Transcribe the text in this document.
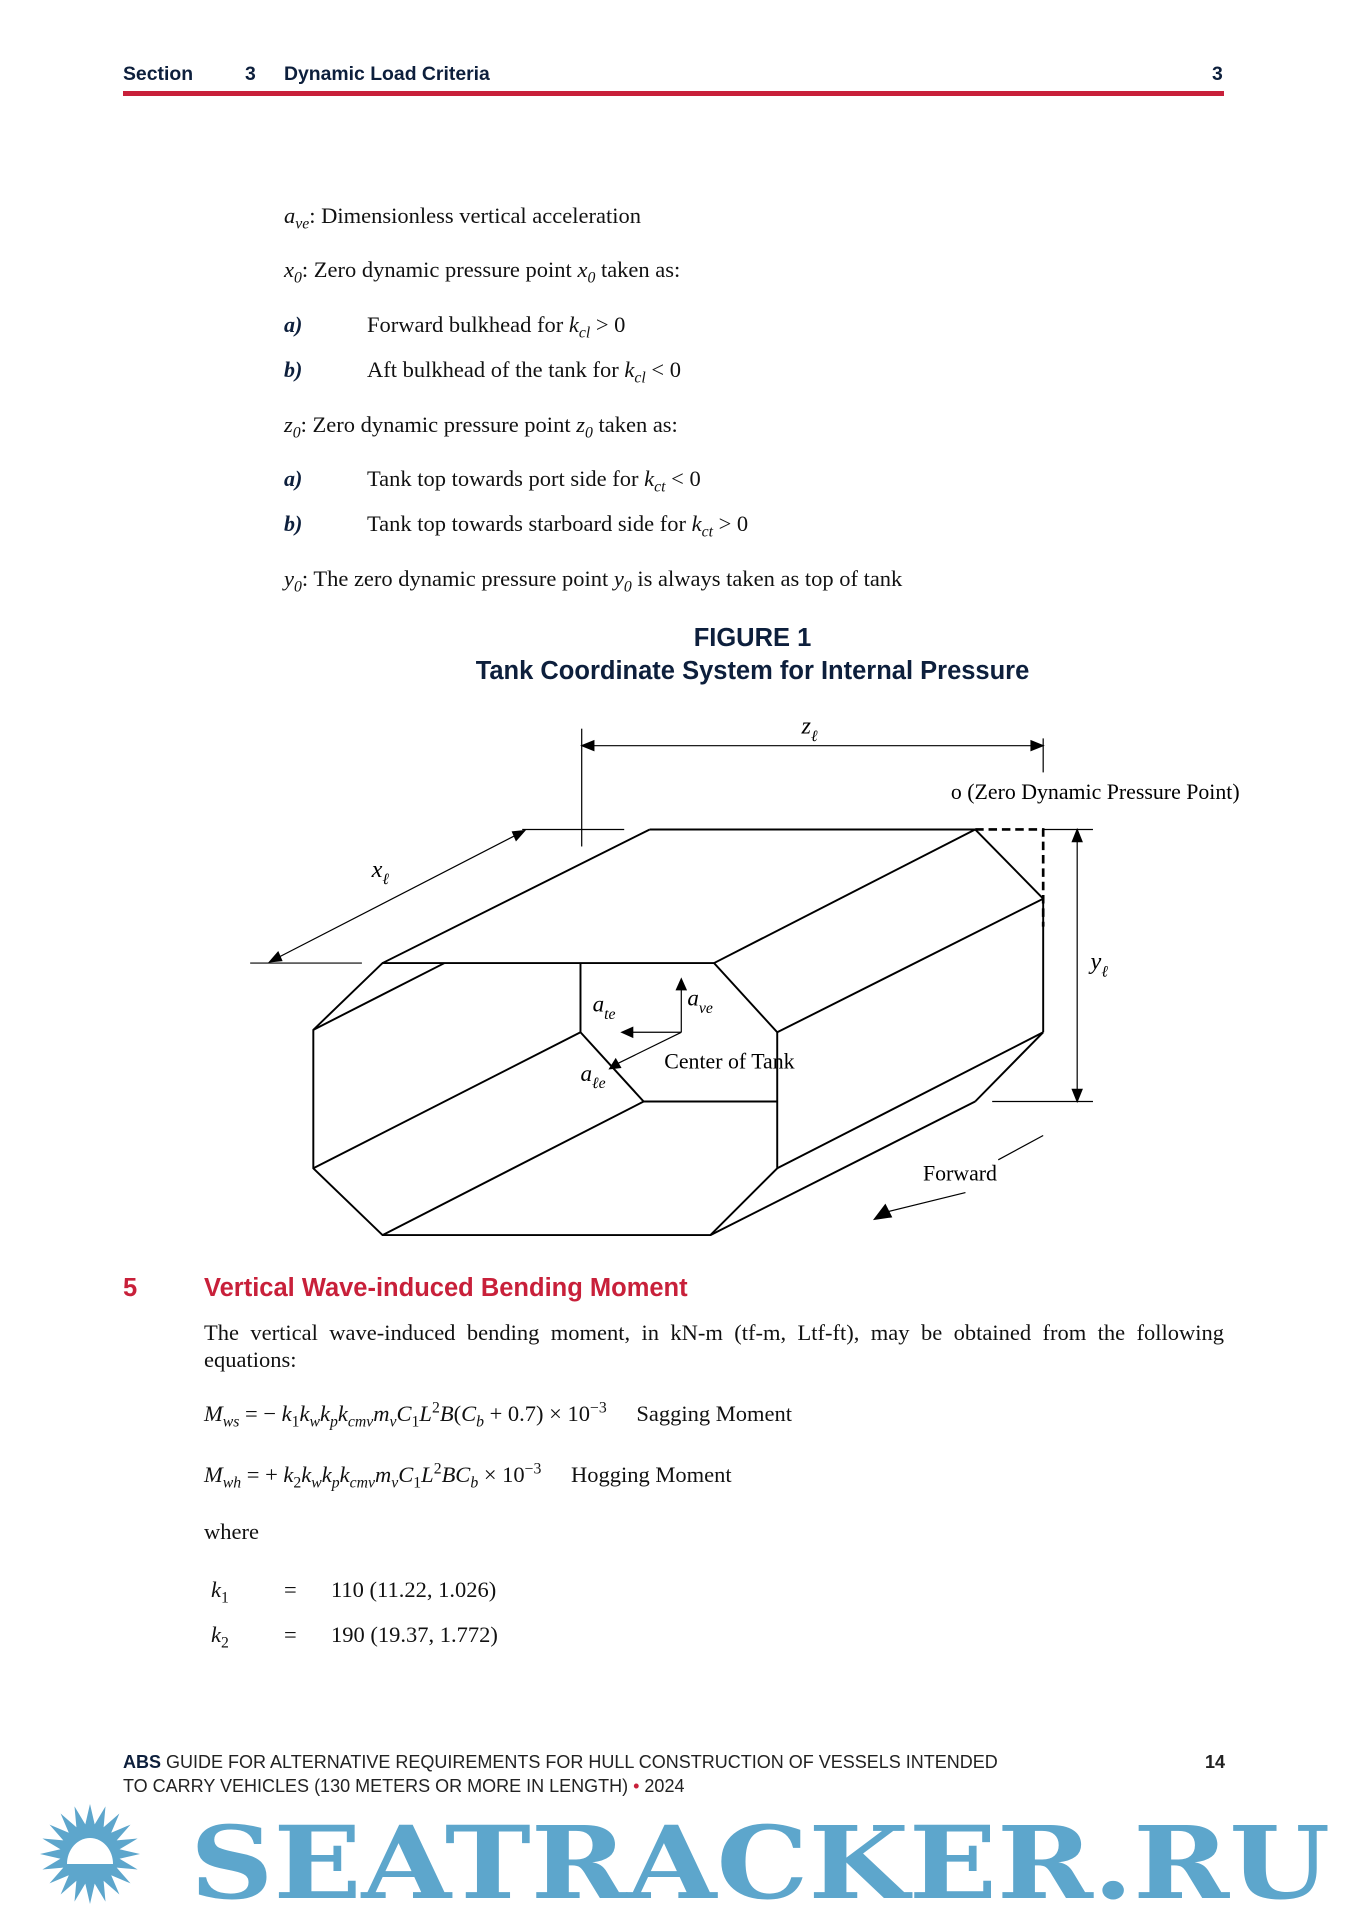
Section	3 Dynamic Load Criteria	3
$a_{ve}$: Dimensionless vertical acceleration
$x_0$: Zero dynamic pressure point $x_0$ taken as:
a)	Forward bulkhead for $k_{cl} > 0$
b)	Aft bulkhead of the tank for $k_{cl} < 0$
$z_0$: Zero dynamic pressure point $z_0$ taken as:
a)	Tank top towards port side for $k_{ct} < 0$
b)	Tank top towards starboard side for $k_{ct} > 0$
$y_0$: The zero dynamic pressure point $y_0$ is always taken as top of tank
FIGURE 1
Tank Coordinate System for Internal Pressure
$z_\ell$
$x_\ell$
$y_\ell$
o (Zero Dynamic Pressure Point)
$a_{te}$
$a_{ve}$
$a_{\ell e}$
Center of Tank
Forward
5	Vertical Wave-induced Bending Moment
The vertical wave-induced bending moment, in kN-m (tf-m, Ltf-ft), may be obtained from the following equations:
$M_{ws}$ = − $k_1k_wk_pk_{cmv}m_vC_1L^2B(C_b + 0.7) \times 10^{-3}$ Sagging Moment
$M_{wh}$ = + $k_2k_wk_pk_{cmv}m_vC_1L^2BC_b \times 10^{-3}$ Hogging Moment
where
$k_1 = 110$ (11.22, 1.026)
$k_2 = 190$ (19.37, 1.772)
ABS GUIDE FOR ALTERNATIVE REQUIREMENTS FOR HULL CONSTRUCTION OF VESSELS INTENDED
TO CARRY VEHICLES (130 METERS OR MORE IN LENGTH) • 2024
14
SEATRACKER.RU
